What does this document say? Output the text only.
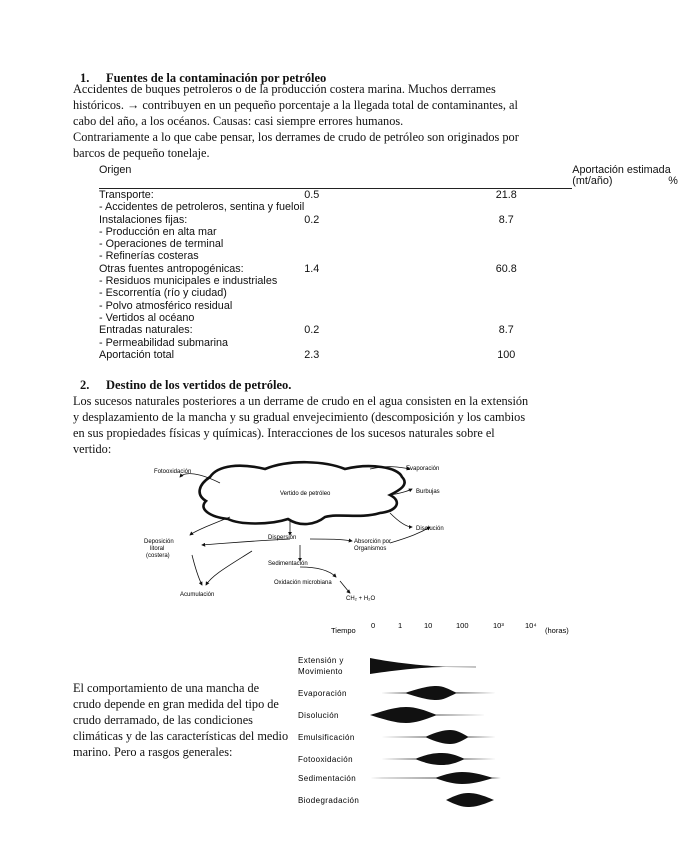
1. Fuentes de la contaminación por petróleo

Accidentes de buques petroleros o de la producción costera marina. Muchos derrames

históricos. → contribuyen en un pequeño porcentaje a la llegada total de contaminantes, al

cabo del año, a los océanos. Causas: casi siempre errores humanos.

Contrariamente a lo que cabe pensar, los derrames de crudo de petróleo son originados por

barcos de pequeño tonelaje.

Origen	Aportación estimada
(mt/año) %	

Transporte:	0.5	21.8
- Accidentes de petroleros, sentina y fueloil		
Instalaciones fijas:	0.2	8.7
- Producción en alta mar		
- Operaciones de terminal		
- Refinerías costeras		
Otras fuentes antropogénicas:	1.4	60.8
- Residuos municipales e industriales		
- Escorrentía (río y ciudad)		
- Polvo atmosférico residual		
- Vertidos al océano		
Entradas naturales:	0.2	8.7
- Permeabilidad submarina		
Aportación total	2.3	100
2. Destino de los vertidos de petróleo.

Los sucesos naturales posteriores a un derrame de crudo en el agua consisten en la extensión

y desplazamiento de la mancha y su gradual envejecimiento (descomposición y los cambios

en sus propiedades físicas y químicas). Interacciones de los sucesos naturales sobre el

vertido:

Vertido de petróleo
Fotooxidación	Evaporación
Burbujas
Disolución
Dispersión
Absorción por
Organismos
Deposición
litoral
(costera)
Sedimentación
Oxidación microbiana
CH₂ + H₂O
Acumulación
Tiempo
0	1	10	100	10³	10⁴
(horas)
Extensión y
Movimiento
Evaporación
Disolución
Emulsificación
Fotooxidación
Sedimentación
Biodegradación

El comportamiento de una mancha de

crudo depende en gran medida del tipo de

crudo derramado, de las condiciones

climáticas y de las características del medio

marino. Pero a rasgos generales:
